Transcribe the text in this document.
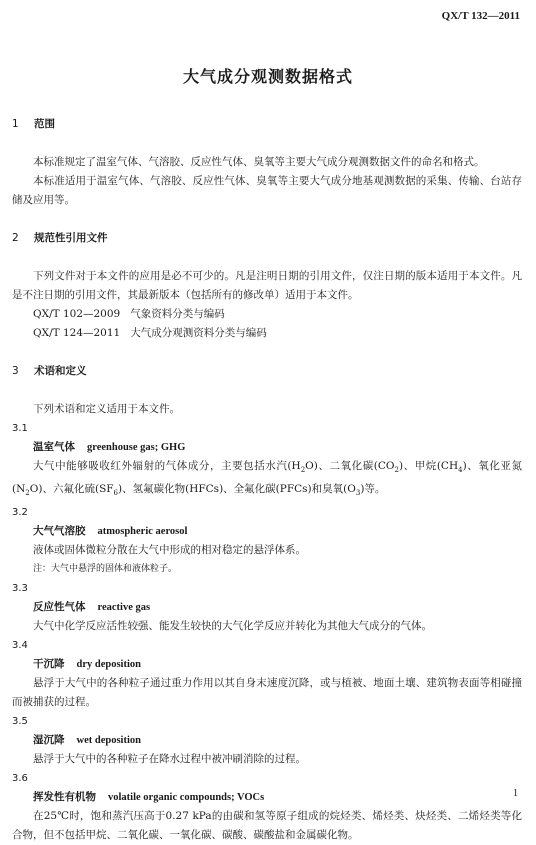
QX/T 132—2011
大气成分观测数据格式
1 范围
本标准规定了温室气体、气溶胶、反应性气体、臭氧等主要大气成分观测数据文件的命名和格式。
本标准适用于温室气体、气溶胶、反应性气体、臭氧等主要大气成分地基观测数据的采集、传输、台站存储及应用等。
2 规范性引用文件
下列文件对于本文件的应用是必不可少的。凡是注明日期的引用文件，仅注日期的版本适用于本文件。凡是不注日期的引用文件，其最新版本（包括所有的修改单）适用于本文件。
QX/T 102—2009 气象资料分类与编码
QX/T 124—2011 大气成分观测资料分类与编码
3 术语和定义
下列术语和定义适用于本文件。
3.1
温室气体 greenhouse gas; GHG
大气中能够吸收红外辐射的气体成分，主要包括水汽$(H_2O)$、二氧化碳$(CO_2)$、甲烷$(CH_4)$、氧化亚氮$(N_2O)$、六氟化硫$(SF_6)$、氢氟碳化物(HFCs)、全氟化碳(PFCs)和臭氧$(O_3)$等。
3.2
大气气溶胶 atmospheric aerosol
液体或固体微粒分散在大气中形成的相对稳定的悬浮体系。
注：大气中悬浮的固体和液体粒子。
3.3
反应性气体 reactive gas
大气中化学反应活性较强、能发生较快的大气化学反应并转化为其他大气成分的气体。
3.4
干沉降 dry deposition
悬浮于大气中的各种粒子通过重力作用以其自身末速度沉降，或与植被、地面土壤、建筑物表面等相碰撞而被捕获的过程。
3.5
湿沉降 wet deposition
悬浮于大气中的各种粒子在降水过程中被冲刷消除的过程。
3.6
挥发性有机物 volatile organic compounds; VOCs
在25℃时，饱和蒸汽压高于0.27 kPa的由碳和氢等原子组成的烷烃类、烯烃类、炔烃类、二烯烃类等化合物，但不包括甲烷、二氧化碳、一氧化碳、碳酸、碳酸盐和金属碳化物。
1
